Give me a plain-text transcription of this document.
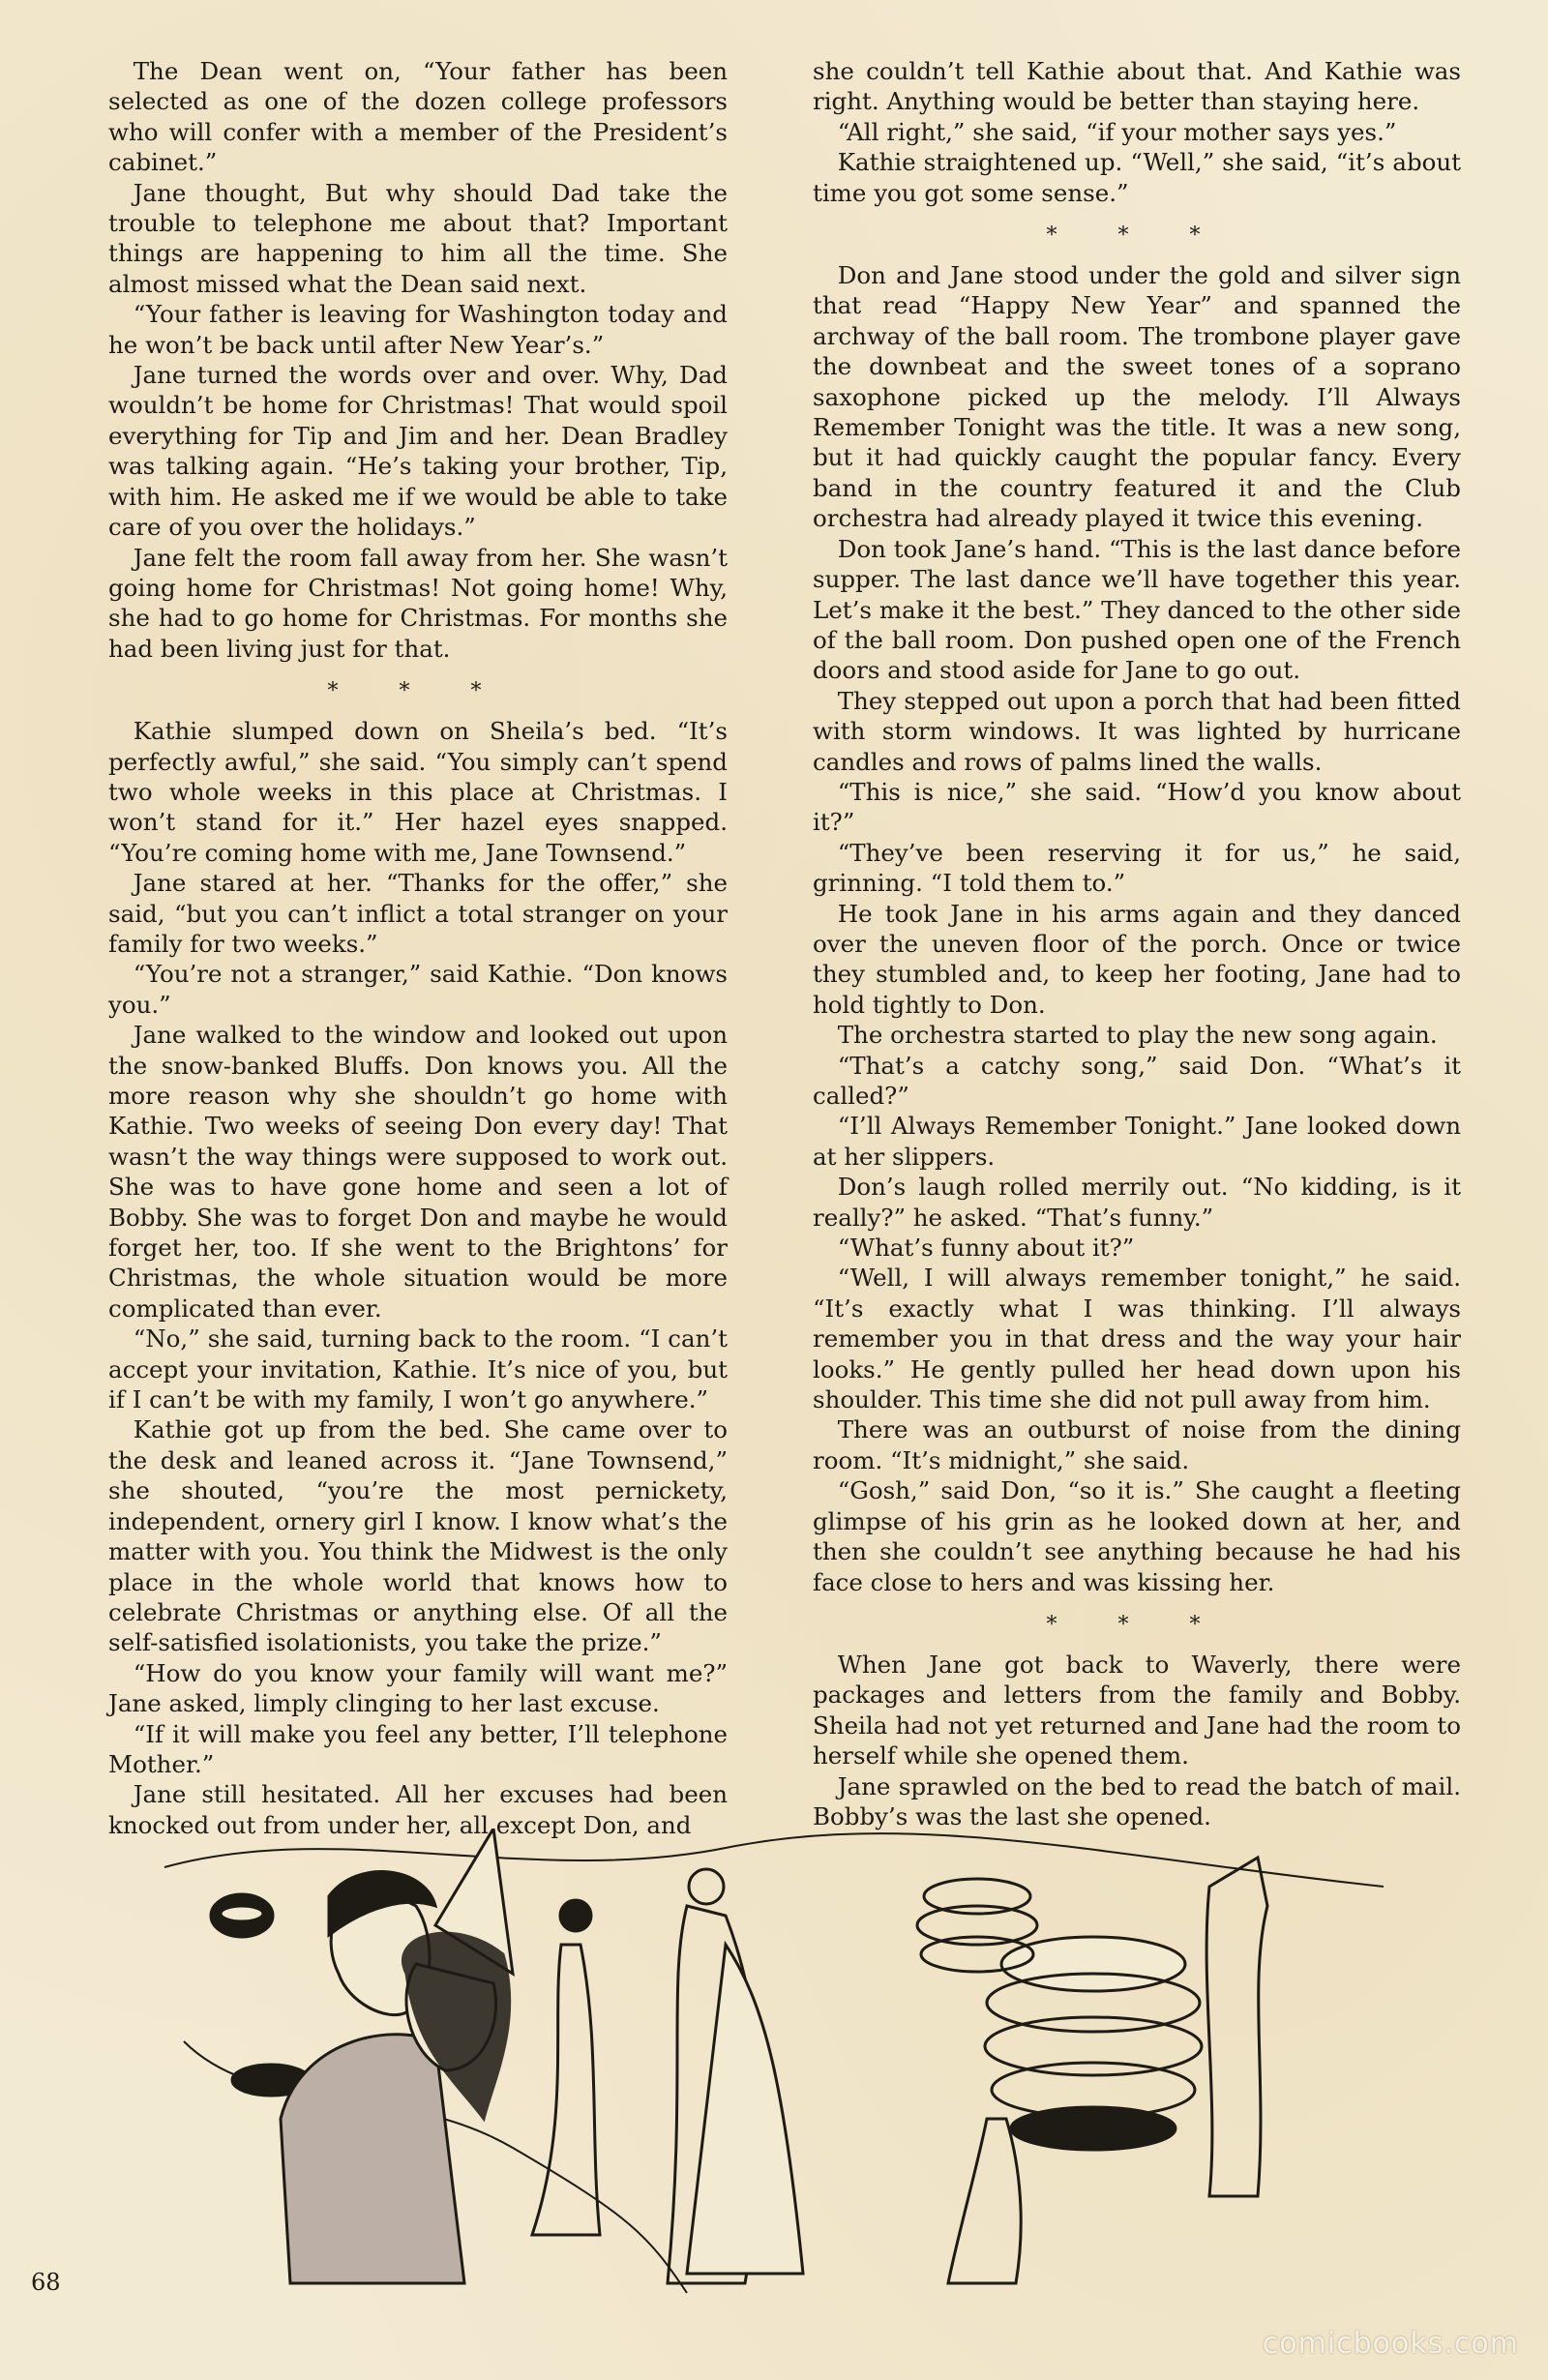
The Dean went on, “Your father has been selected as one of the dozen college professors who will confer with a member of the President’s cabinet.”

Jane thought, But why should Dad take the trouble to telephone me about that? Important things are happening to him all the time. She almost missed what the Dean said next.

“Your father is leaving for Washington today and he won’t be back until after New Year’s.”

Jane turned the words over and over. Why, Dad wouldn’t be home for Christmas! That would spoil everything for Tip and Jim and her. Dean Bradley was talking again. “He’s taking your brother, Tip, with him. He asked me if we would be able to take care of you over the holidays.”

Jane felt the room fall away from her. She wasn’t going home for Christmas! Not going home! Why, she had to go home for Christmas. For months she had been living just for that.

* * *

Kathie slumped down on Sheila’s bed. “It’s perfectly awful,” she said. “You simply can’t spend two whole weeks in this place at Christmas. I won’t stand for it.” Her hazel eyes snapped. “You’re coming home with me, Jane Townsend.”

Jane stared at her. “Thanks for the offer,” she said, “but you can’t inflict a total stranger on your family for two weeks.”

“You’re not a stranger,” said Kathie. “Don knows you.”

Jane walked to the window and looked out upon the snow-banked Bluffs. Don knows you. All the more reason why she shouldn’t go home with Kathie. Two weeks of seeing Don every day! That wasn’t the way things were supposed to work out. She was to have gone home and seen a lot of Bobby. She was to forget Don and maybe he would forget her, too. If she went to the Brightons’ for Christmas, the whole situation would be more complicated than ever.

“No,” she said, turning back to the room. “I can’t accept your invitation, Kathie. It’s nice of you, but if I can’t be with my family, I won’t go anywhere.”

Kathie got up from the bed. She came over to the desk and leaned across it. “Jane Townsend,” she shouted, “you’re the most pernickety, independent, ornery girl I know. I know what’s the matter with you. You think the Midwest is the only place in the whole world that knows how to celebrate Christmas or anything else. Of all the self-satisfied isolationists, you take the prize.”

“How do you know your family will want me?” Jane asked, limply clinging to her last excuse.

“If it will make you feel any better, I’ll telephone Mother.”

Jane still hesitated. All her excuses had been knocked out from under her, all except Don, and

she couldn’t tell Kathie about that. And Kathie was right. Anything would be better than staying here.

“All right,” she said, “if your mother says yes.”

Kathie straightened up. “Well,” she said, “it’s about time you got some sense.”

* * *

Don and Jane stood under the gold and silver sign that read “Happy New Year” and spanned the archway of the ball room. The trombone player gave the downbeat and the sweet tones of a soprano saxophone picked up the melody. I’ll Always Remember Tonight was the title. It was a new song, but it had quickly caught the popular fancy. Every band in the country featured it and the Club orchestra had already played it twice this evening.

Don took Jane’s hand. “This is the last dance before supper. The last dance we’ll have together this year. Let’s make it the best.” They danced to the other side of the ball room. Don pushed open one of the French doors and stood aside for Jane to go out.

They stepped out upon a porch that had been fitted with storm windows. It was lighted by hurricane candles and rows of palms lined the walls.

“This is nice,” she said. “How’d you know about it?”

“They’ve been reserving it for us,” he said, grinning. “I told them to.”

He took Jane in his arms again and they danced over the uneven floor of the porch. Once or twice they stumbled and, to keep her footing, Jane had to hold tightly to Don.

The orchestra started to play the new song again.

“That’s a catchy song,” said Don. “What’s it called?”

“I’ll Always Remember Tonight.” Jane looked down at her slippers.

Don’s laugh rolled merrily out. “No kidding, is it really?” he asked. “That’s funny.”

“What’s funny about it?”

“Well, I will always remember tonight,” he said. “It’s exactly what I was thinking. I’ll always remember you in that dress and the way your hair looks.” He gently pulled her head down upon his shoulder. This time she did not pull away from him.

There was an outburst of noise from the dining room. “It’s midnight,” she said.

“Gosh,” said Don, “so it is.” She caught a fleeting glimpse of his grin as he looked down at her, and then she couldn’t see anything because he had his face close to hers and was kissing her.

* * *

When Jane got back to Waverly, there were packages and letters from the family and Bobby. Sheila had not yet returned and Jane had the room to herself while she opened them.

Jane sprawled on the bed to read the batch of mail. Bobby’s was the last she opened.

68
comicbooks.com
